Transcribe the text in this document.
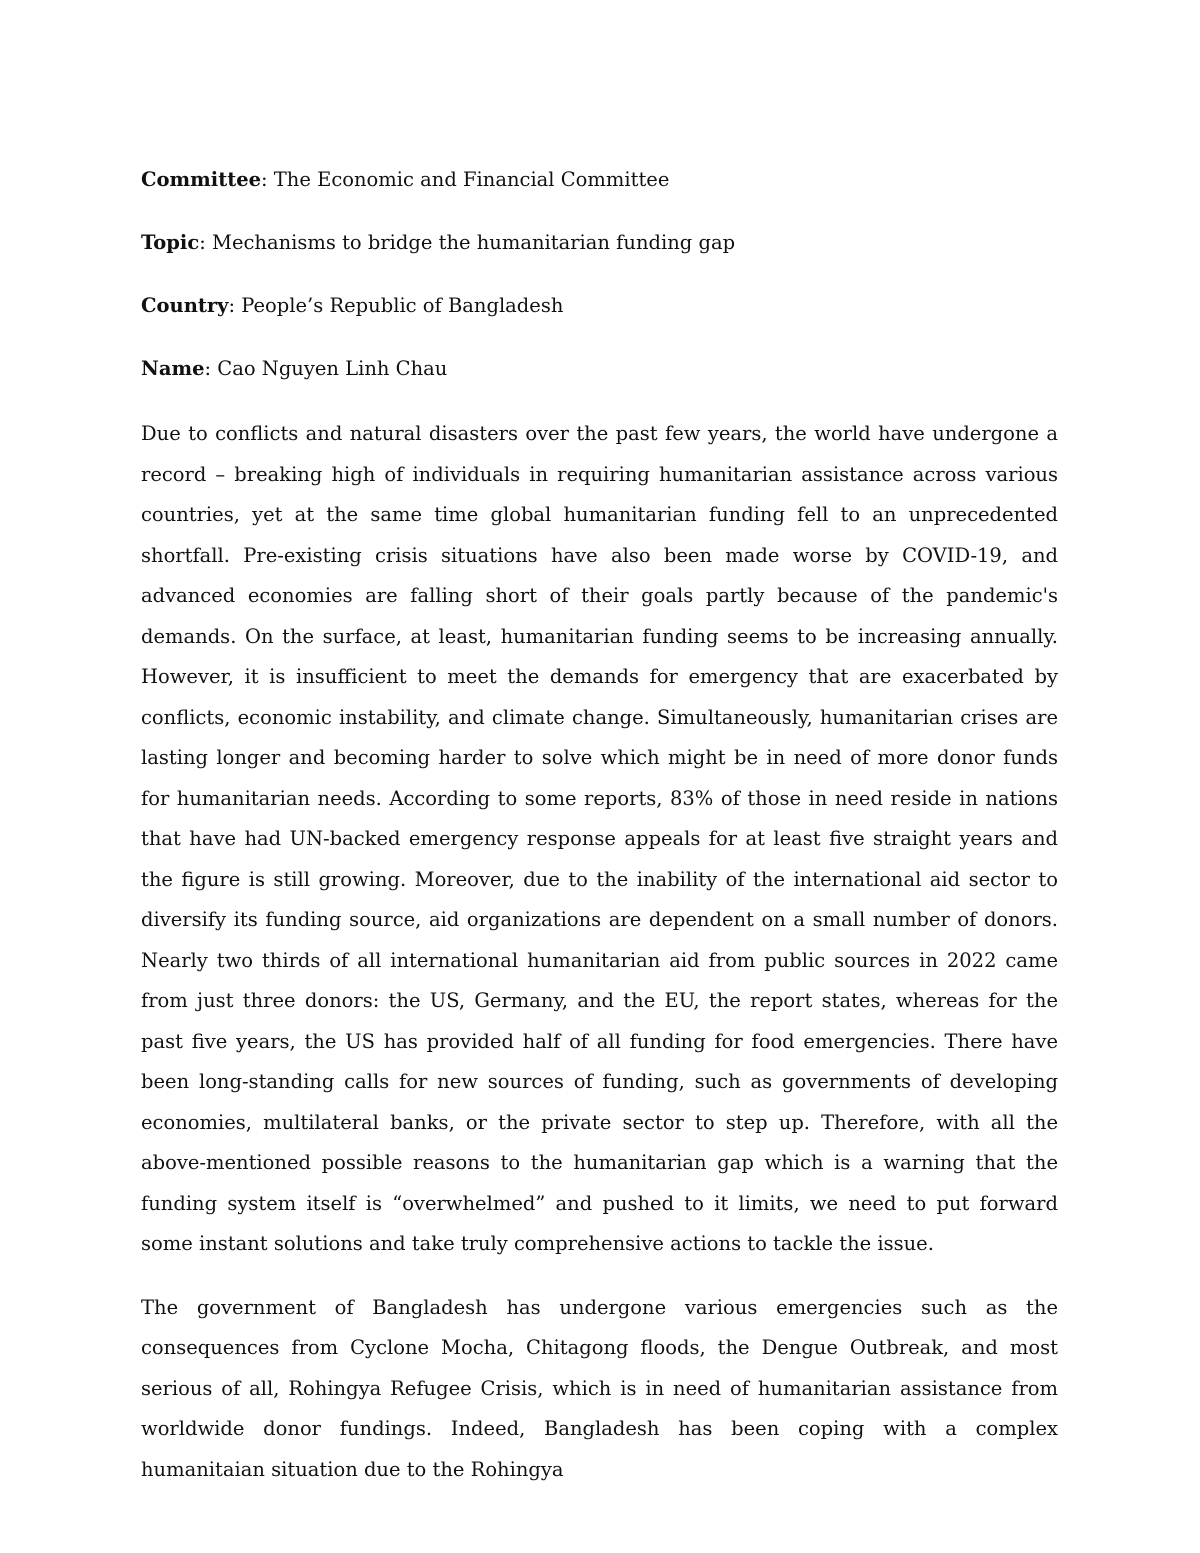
Committee: The Economic and Financial Committee
Topic: Mechanisms to bridge the humanitarian funding gap
Country: People’s Republic of Bangladesh
Name: Cao Nguyen Linh Chau

Due to conflicts and natural disasters over the past few years, the world have undergone a record – breaking high of individuals in requiring humanitarian assistance across various countries, yet at the same time global humanitarian funding fell to an unprecedented shortfall. Pre-existing crisis situations have also been made worse by COVID-19, and advanced economies are falling short of their goals partly because of the pandemic's demands. On the surface, at least, humanitarian funding seems to be increasing annually. However, it is insufficient to meet the demands for emergency that are exacerbated by conflicts, economic instability, and climate change. Simultaneously, humanitarian crises are lasting longer and becoming harder to solve which might be in need of more donor funds for humanitarian needs. According to some reports, 83% of those in need reside in nations that have had UN-backed emergency response appeals for at least five straight years and the figure is still growing. Moreover, due to the inability of the international aid sector to diversify its funding source, aid organizations are dependent on a small number of donors. Nearly two thirds of all international humanitarian aid from public sources in 2022 came from just three donors: the US, Germany, and the EU, the report states, whereas for the past five years, the US has provided half of all funding for food emergencies. There have been long-standing calls for new sources of funding, such as governments of developing economies, multilateral banks, or the private sector to step up. Therefore, with all the above-mentioned possible reasons to the humanitarian gap which is a warning that the funding system itself is “overwhelmed” and pushed to it limits, we need to put forward some instant solutions and take truly comprehensive actions to tackle the issue.

The government of Bangladesh has undergone various emergencies such as the consequences from Cyclone Mocha, Chitagong floods, the Dengue Outbreak, and most serious of all, Rohingya Refugee Crisis, which is in need of humanitarian assistance from worldwide donor fundings. Indeed, Bangladesh has been coping with a complex humanitaian situation due to the Rohingya
